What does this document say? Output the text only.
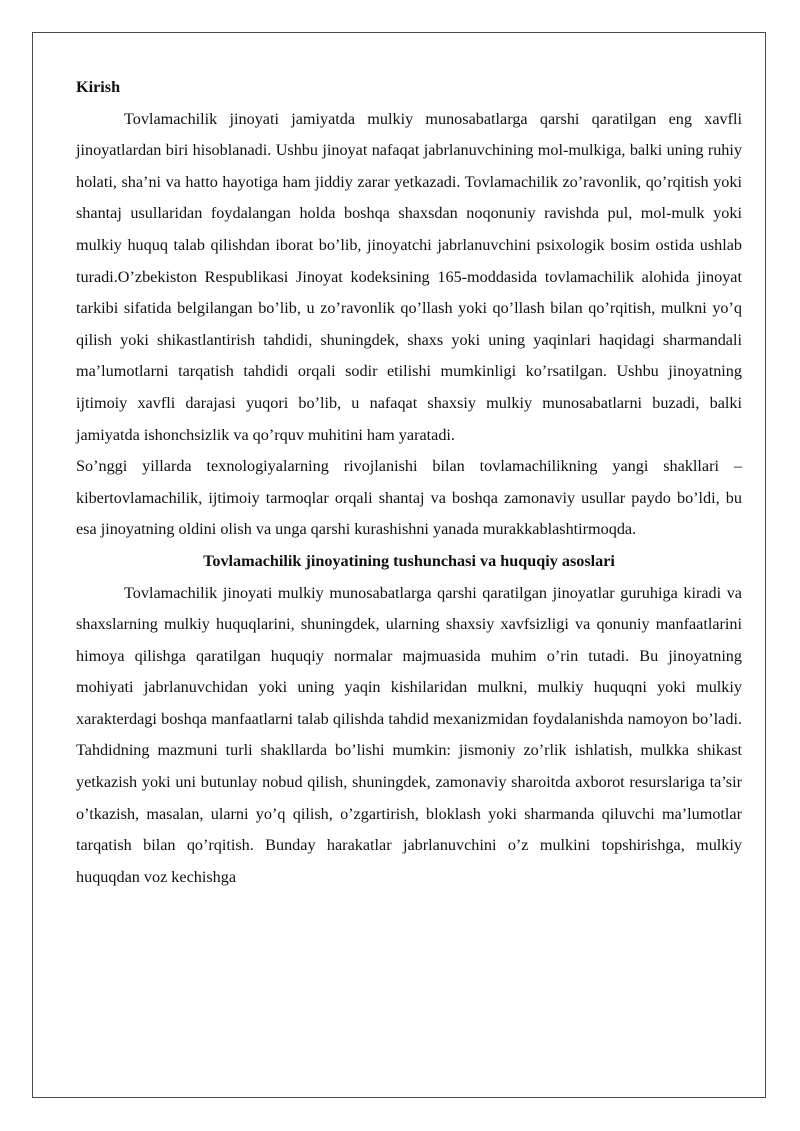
Kirish

Tovlamachilik jinoyati jamiyatda mulkiy munosabatlarga qarshi qaratilgan eng xavfli jinoyatlardan biri hisoblanadi. Ushbu jinoyat nafaqat jabrlanuvchining mol-mulkiga, balki uning ruhiy holati, sha’ni va hatto hayotiga ham jiddiy zarar yetkazadi. Tovlamachilik zo’ravonlik, qo’rqitish yoki shantaj usullaridan foydalangan holda boshqa shaxsdan noqonuniy ravishda pul, mol-mulk yoki mulkiy huquq talab qilishdan iborat bo’lib, jinoyatchi jabrlanuvchini psixologik bosim ostida ushlab turadi.O’zbekiston Respublikasi Jinoyat kodeksining 165-moddasida tovlamachilik alohida jinoyat tarkibi sifatida belgilangan bo’lib, u zo’ravonlik qo’llash yoki qo’llash bilan qo’rqitish, mulkni yo’q qilish yoki shikastlantirish tahdidi, shuningdek, shaxs yoki uning yaqinlari haqidagi sharmandali ma’lumotlarni tarqatish tahdidi orqali sodir etilishi mumkinligi ko’rsatilgan. Ushbu jinoyatning ijtimoiy xavfli darajasi yuqori bo’lib, u nafaqat shaxsiy mulkiy munosabatlarni buzadi, balki jamiyatda ishonchsizlik va qo’rquv muhitini ham yaratadi.

So’nggi yillarda texnologiyalarning rivojlanishi bilan tovlamachilikning yangi shakllari – kibertovlamachilik, ijtimoiy tarmoqlar orqali shantaj va boshqa zamonaviy usullar paydo bo’ldi, bu esa jinoyatning oldini olish va unga qarshi kurashishni yanada murakkablashtirmoqda.

Tovlamachilik jinoyatining tushunchasi va huquqiy asoslari

Tovlamachilik jinoyati mulkiy munosabatlarga qarshi qaratilgan jinoyatlar guruhiga kiradi va shaxslarning mulkiy huquqlarini, shuningdek, ularning shaxsiy xavfsizligi va qonuniy manfaatlarini himoya qilishga qaratilgan huquqiy normalar majmuasida muhim o’rin tutadi. Bu jinoyatning mohiyati jabrlanuvchidan yoki uning yaqin kishilaridan mulkni, mulkiy huquqni yoki mulkiy xarakterdagi boshqa manfaatlarni talab qilishda tahdid mexanizmidan foydalanishda namoyon bo’ladi. Tahdidning mazmuni turli shakllarda bo’lishi mumkin: jismoniy zo’rlik ishlatish, mulkka shikast yetkazish yoki uni butunlay nobud qilish, shuningdek, zamonaviy sharoitda axborot resurslariga ta’sir o’tkazish, masalan, ularni yo’q qilish, o’zgartirish, bloklash yoki sharmanda qiluvchi ma’lumotlar tarqatish bilan qo’rqitish. Bunday harakatlar jabrlanuvchini o’z mulkini topshirishga, mulkiy huquqdan voz kechishga
